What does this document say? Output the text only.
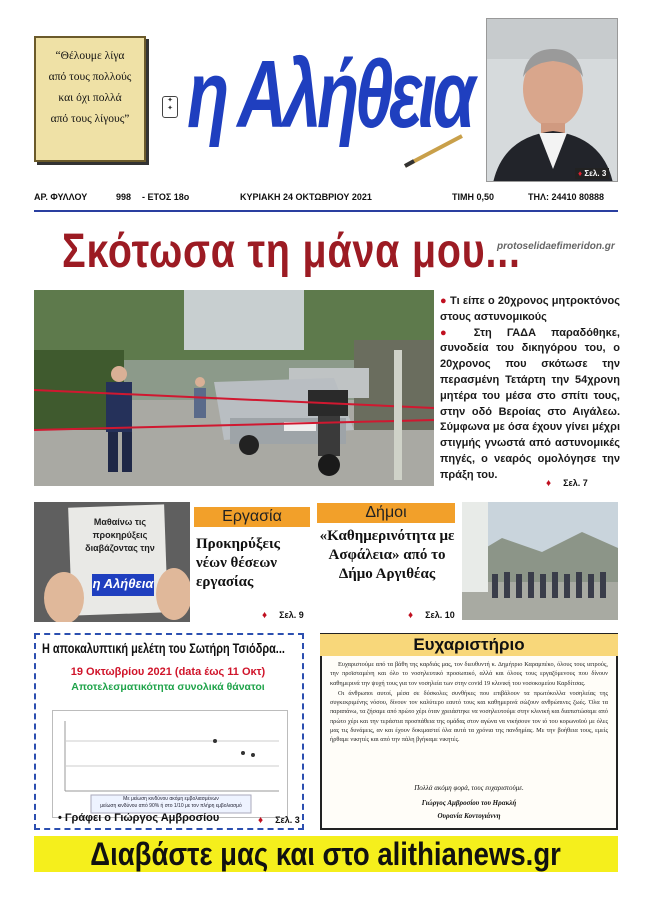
“Θέλουμε λίγα
από τους πολλούς
και όχι πολλά
από τους λίγους”
✦
✦ η Αλήθεια
♦ Σελ. 3
ΑΡ. ΦΥΛΛΟΥ	998 - ΕΤΟΣ 18ο	ΚΥΡΙΑΚΗ 24 ΟΚΤΩΒΡΙΟΥ 2021	ΤΙΜΗ 0,50	ΤΗΛ: 24410 80888
Σκότωσα τη μάνα μου...
protoselidaefimeridon.gr

● Τι είπε ο 20χρονος μητροκτόνος στους αστυνομικούς

● Στη ΓΑΔΑ παραδόθηκε, συνοδεία του δικηγόρου του, ο 20χρονος που σκότωσε την περασμένη Τετάρτη την 54χρονη μητέρα του μέσα στο σπίτι τους, στην οδό Βεροίας στο Αιγάλεω. Σύμφωνα με όσα έχουν γίνει μέχρι στιγμής γνωστά από αστυνομικές πηγές, ο νεαρός ομολόγησε την πράξη του.

♦ Σελ. 7
Μαθαίνω τις
προκηρύξεις
διαβάζοντας την
η Αλήθεια
Εργασία
Προκηρύξεις νέων θέσεων εργασίας
♦ Σελ. 9
Δήμοι
«Καθημερινότητα με Ασφάλεια» από το Δήμο Αργιθέας
♦ Σελ. 10
Η αποκαλυπτική μελέτη του Σωτήρη Τσιόδρα...
19 Οκτωβρίου 2021 (data έως 11 Οκτ)
Αποτελεσματικότητα συνολικά θάνατοι
Με μείωση κινδύνου ακόμη εμβολιασμένων
μείωση κινδύνου από 90% ή στο 1/10 με τον πλήρη εμβολιασμό
• Γράφει ο Γιώργος Αμβροσίου	♦ Σελ. 3
Ευχαριστήριο

Ευχαριστούμε από τα βάθη της καρδιάς μας, τον διευθυντή κ. Δημήτριο Καραμπέκο, όλους τους ιατρούς, την προϊσταμένη και όλο το νοσηλευτικό προσωπικό, αλλά και όλους τους εργαζόμενους που δίνουν καθημερινά την ψυχή τους για τον νοσηλεία των στην covid 19 κλινική του νοσοκομείου Καρδίτσας.

Οι άνθρωποι αυτοί, μέσα σε δύσκολες συνθήκες που επιβάλουν τα πρωτόκολλα νοσηλείας της συγκεκριμένης νόσου, δίνουν τον καλύτερο εαυτό τους και καθημερινά σώζουν ανθρώπινες ζωές. Όλα τα παραπάνω, τα ζήσαμε από πρώτο χέρι όταν χρειάστηκε να νοσηλευτούμε στην κλινική και διαπιστώσαμε από πρώτο χέρι και την τεράστια προσπάθεια της ομάδας στον αγώνα να νικήσουν τον ιό του κορωνοϊού με όλες μας τις δυνάμεις, αν και έχουν δοκιμαστεί όλα αυτά τα χρόνια της πανδημίας. Με την βοήθεια τους, εμείς ήρθαμε νικητές και από την πάλη βγήκαμε νικητές.

Πολλά ακόμη φορά, τους ευχαριστούμε.
Γιώργος Αμβροσίου του Ηρακλή
Ουρανία Κοντογιάννη
Διαβάστε μας και στο alithianews.gr
